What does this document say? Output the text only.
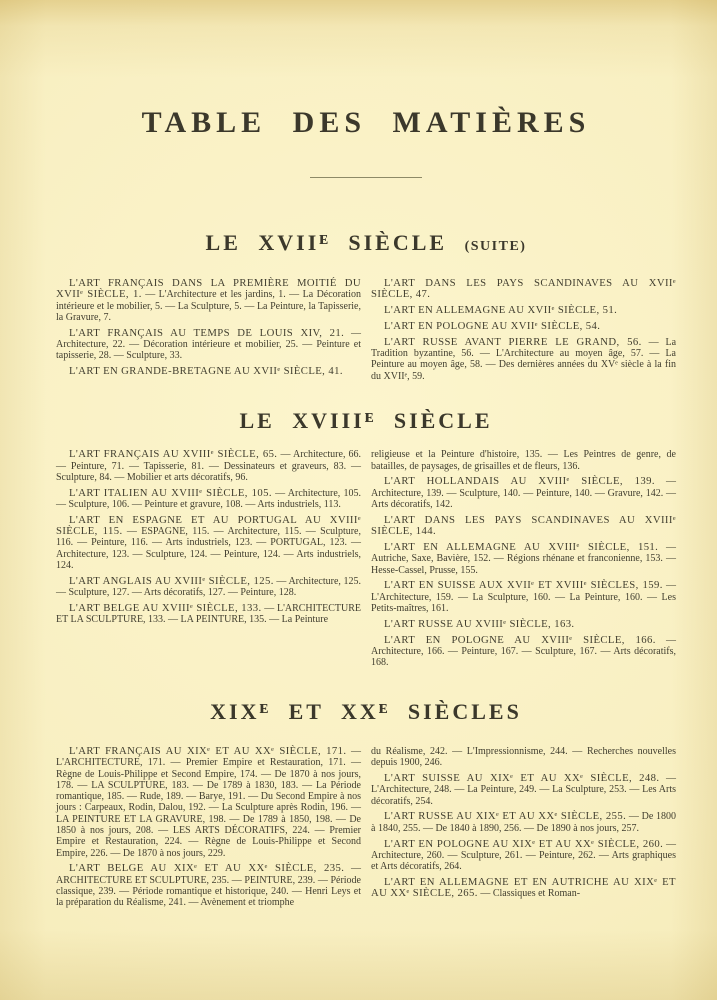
TABLE DES MATIÈRES
LE XVIIᴱ SIÈCLE (SUITE)

L'ART FRANÇAIS DANS LA PREMIÈRE MOITIÉ DU XVIIᵉ SIÈCLE, 1. — L'Architecture et les jardins, 1. — La Décoration intérieure et le mobilier, 5. — La Sculpture, 5. — La Peinture, la Tapisserie, la Gravure, 7.

L'ART FRANÇAIS AU TEMPS DE LOUIS XIV, 21. — Architecture, 22. — Décoration intérieure et mobilier, 25. — Peinture et tapisserie, 28. — Sculpture, 33.

L'ART EN GRANDE-BRETAGNE AU XVIIᵉ SIÈCLE, 41.

L'ART DANS LES PAYS SCANDINAVES AU XVIIᵉ SIÈCLE, 47.

L'ART EN ALLEMAGNE AU XVIIᵉ SIÈCLE, 51.

L'ART EN POLOGNE AU XVIIᵉ SIÈCLE, 54.

L'ART RUSSE AVANT PIERRE LE GRAND, 56. — La Tradition byzantine, 56. — L'Architecture au moyen âge, 57. — La Peinture au moyen âge, 58. — Des dernières années du XVᵉ siècle à la fin du XVIIᵉ, 59.

LE XVIIIᴱ SIÈCLE

L'ART FRANÇAIS AU XVIIIᵉ SIÈCLE, 65. — Architecture, 66. — Peinture, 71. — Tapisserie, 81. — Dessinateurs et graveurs, 83. — Sculpture, 84. — Mobilier et arts décoratifs, 96.

L'ART ITALIEN AU XVIIIᵉ SIÈCLE, 105. — Architecture, 105. — Sculpture, 106. — Peinture et gravure, 108. — Arts industriels, 113.

L'ART EN ESPAGNE ET AU PORTUGAL AU XVIIIᵉ SIÈCLE, 115. — ESPAGNE, 115. — Architecture, 115. — Sculpture, 116. — Peinture, 116. — Arts industriels, 123. — PORTUGAL, 123. — Architecture, 123. — Sculpture, 124. — Peinture, 124. — Arts industriels, 124.

L'ART ANGLAIS AU XVIIIᵉ SIÈCLE, 125. — Architecture, 125. — Sculpture, 127. — Arts décoratifs, 127. — Peinture, 128.

L'ART BELGE AU XVIIIᵉ SIÈCLE, 133. — L'ARCHITECTURE ET LA SCULPTURE, 133. — LA PEINTURE, 135. — La Peinture

religieuse et la Peinture d'histoire, 135. — Les Peintres de genre, de batailles, de paysages, de grisailles et de fleurs, 136.

L'ART HOLLANDAIS AU XVIIIᵉ SIÈCLE, 139. — Architecture, 139. — Sculpture, 140. — Peinture, 140. — Gravure, 142. — Arts décoratifs, 142.

L'ART DANS LES PAYS SCANDINAVES AU XVIIIᵉ SIÈCLE, 144.

L'ART EN ALLEMAGNE AU XVIIIᵉ SIÈCLE, 151. — Autriche, Saxe, Bavière, 152. — Régions rhénane et franconienne, 153. — Hesse-Cassel, Prusse, 155.

L'ART EN SUISSE AUX XVIIᵉ ET XVIIIᵉ SIÈCLES, 159. — L'Architecture, 159. — La Sculpture, 160. — La Peinture, 160. — Les Petits-maîtres, 161.

L'ART RUSSE AU XVIIIᵉ SIÈCLE, 163.

L'ART EN POLOGNE AU XVIIIᵉ SIÈCLE, 166. — Architecture, 166. — Peinture, 167. — Sculpture, 167. — Arts décoratifs, 168.

XIXᴱ ET XXᴱ SIÈCLES

L'ART FRANÇAIS AU XIXᵉ ET AU XXᵉ SIÈCLE, 171. — L'ARCHITECTURE, 171. — Premier Empire et Restauration, 171. — Règne de Louis-Philippe et Second Empire, 174. — De 1870 à nos jours, 178. — LA SCULPTURE, 183. — De 1789 à 1830, 183. — La Période romantique, 185. — Rude, 189. — Barye, 191. — Du Second Empire à nos jours : Carpeaux, Rodin, Dalou, 192. — La Sculpture après Rodin, 196. — LA PEINTURE ET LA GRAVURE, 198. — De 1789 à 1850, 198. — De 1850 à nos jours, 208. — LES ARTS DÉCORATIFS, 224. — Premier Empire et Restauration, 224. — Règne de Louis-Philippe et Second Empire, 226. — De 1870 à nos jours, 229.

L'ART BELGE AU XIXᵉ ET AU XXᵉ SIÈCLE, 235. — ARCHITECTURE ET SCULPTURE, 235. — PEINTURE, 239. — Période classique, 239. — Période romantique et historique, 240. — Henri Leys et la préparation du Réalisme, 241. — Avènement et triomphe

du Réalisme, 242. — L'Impressionnisme, 244. — Recherches nouvelles depuis 1900, 246.

L'ART SUISSE AU XIXᵉ ET AU XXᵉ SIÈCLE, 248. — L'Architecture, 248. — La Peinture, 249. — La Sculpture, 253. — Les Arts décoratifs, 254.

L'ART RUSSE AU XIXᵉ ET AU XXᵉ SIÈCLE, 255. — De 1800 à 1840, 255. — De 1840 à 1890, 256. — De 1890 à nos jours, 257.

L'ART EN POLOGNE AU XIXᵉ ET AU XXᵉ SIÈCLE, 260. — Architecture, 260. — Sculpture, 261. — Peinture, 262. — Arts graphiques et Arts décoratifs, 264.

L'ART EN ALLEMAGNE ET EN AUTRICHE AU XIXᵉ ET AU XXᵉ SIÈCLE, 265. — Classiques et Roman-
